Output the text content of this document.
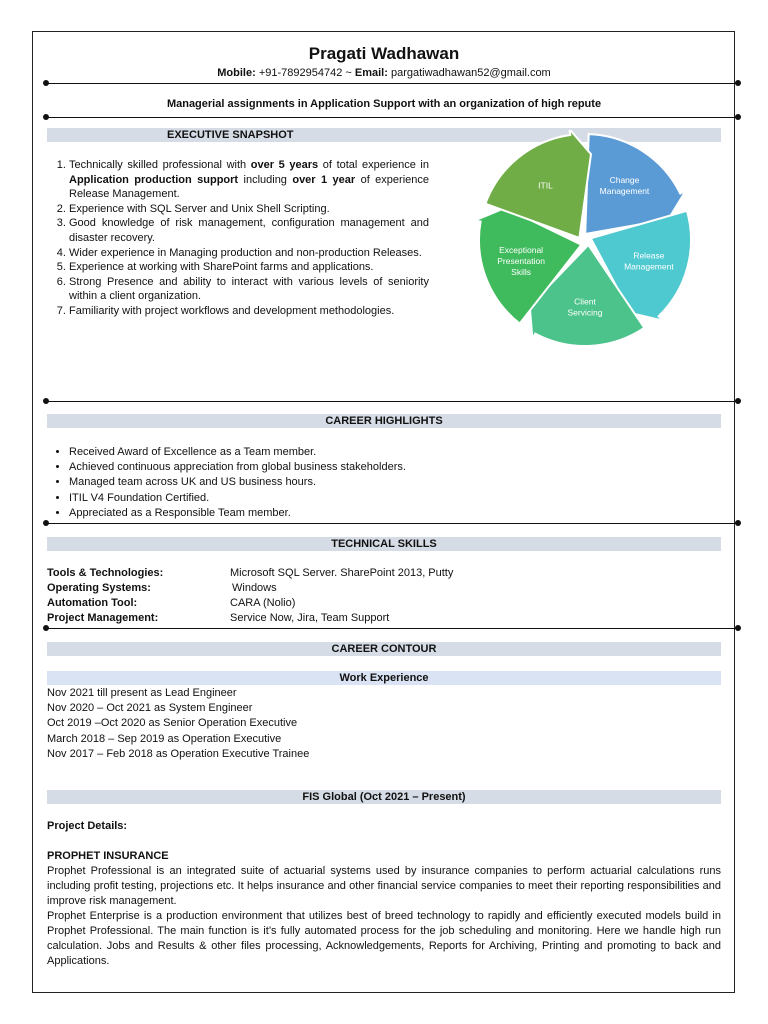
Pragati Wadhawan
Mobile: +91-7892954742 ~ Email: pargatiwadhawan52@gmail.com
Managerial assignments in Application Support with an organization of high repute
EXECUTIVE SNAPSHOT
1. Technically skilled professional with over 5 years of total experience in Application production support including over 1 year of experience Release Management.
2. Experience with SQL Server and Unix Shell Scripting.
3. Good knowledge of risk management, configuration management and disaster recovery.
4. Wider experience in Managing production and non-production Releases.
5. Experience at working with SharePoint farms and applications.
6. Strong Presence and ability to interact with various levels of seniority within a client organization.
7. Familiarity with project workflows and development methodologies.
Change Management
Release Management
Client Servicing
Exceptional Presentation Skills
ITIL
CAREER HIGHLIGHTS
• Received Award of Excellence as a Team member.
• Achieved continuous appreciation from global business stakeholders.
• Managed team across UK and US business hours.
• ITIL V4 Foundation Certified.
• Appreciated as a Responsible Team member.
TECHNICAL SKILLS
Tools & Technologies:	Microsoft SQL Server. SharePoint 2013, Putty
Operating Systems:	Windows
Automation Tool:	CARA (Nolio)
Project Management:	Service Now, Jira, Team Support
CAREER CONTOUR
Work Experience
Nov 2021 till present as Lead Engineer
Nov 2020 – Oct 2021 as System Engineer
Oct 2019 –Oct 2020 as Senior Operation Executive
March 2018 – Sep 2019 as Operation Executive
Nov 2017 – Feb 2018 as Operation Executive Trainee
FIS Global (Oct 2021 – Present)
Project Details:
PROPHET INSURANCE
Prophet Professional is an integrated suite of actuarial systems used by insurance companies to perform actuarial calculations runs including profit testing, projections etc. It helps insurance and other financial service companies to meet their reporting responsibilities and improve risk management.
Prophet Enterprise is a production environment that utilizes best of breed technology to rapidly and efficiently executed models build in Prophet Professional. The main function is it’s fully automated process for the job scheduling and monitoring. Here we handle high run calculation. Jobs and Results & other files processing, Acknowledgements, Reports for Archiving, Printing and promoting to back and Applications.
